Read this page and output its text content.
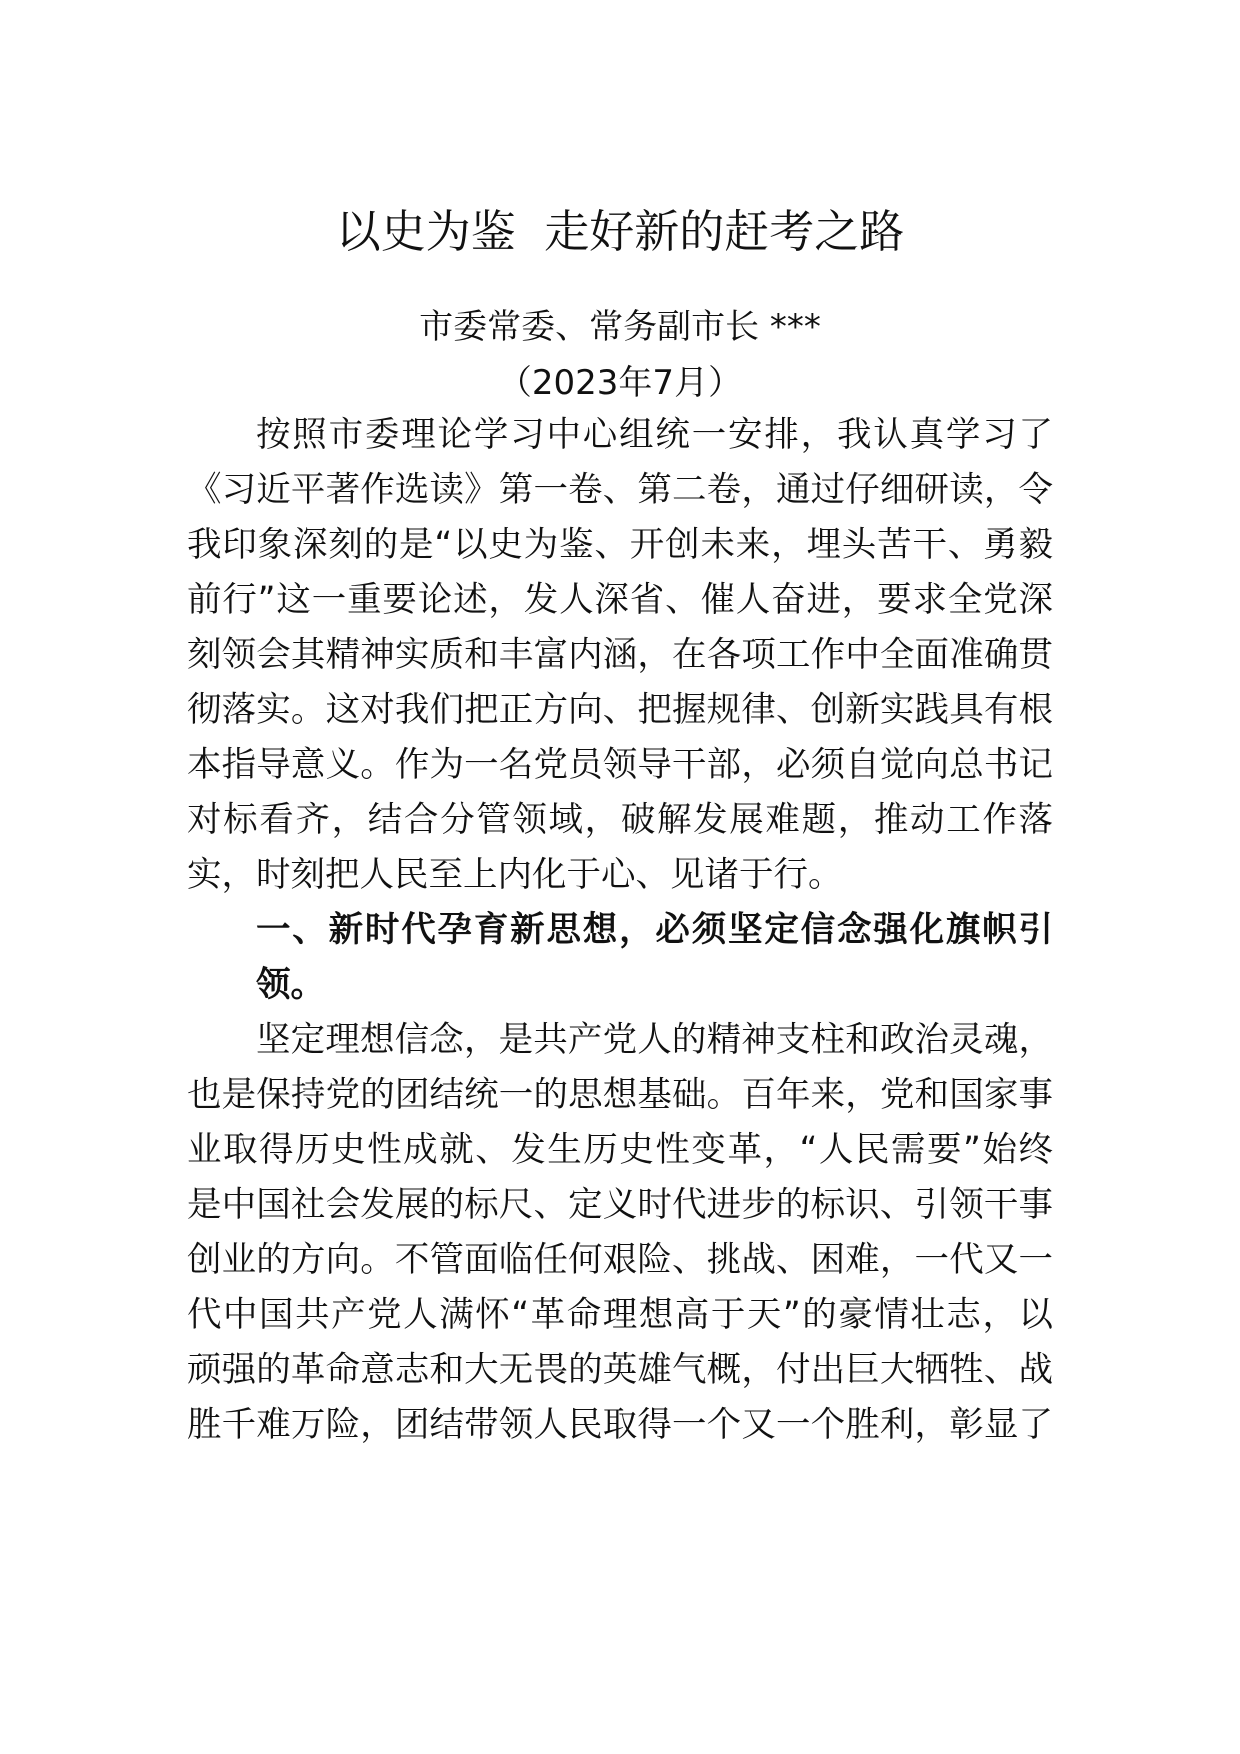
以史为鉴  走好新的赶考之路
市委常委、常务副市长 ***
（2023年7月）
按照市委理论学习中心组统一安排，我认真学习了
《习近平著作选读》第一卷、第二卷，通过仔细研读，令
我印象深刻的是“以史为鉴、开创未来，埋头苦干、勇毅
前行”这一重要论述，发人深省、催人奋进，要求全党深
刻领会其精神实质和丰富内涵，在各项工作中全面准确贯
彻落实。这对我们把正方向、把握规律、创新实践具有根
本指导意义。作为一名党员领导干部，必须自觉向总书记
对标看齐，结合分管领域，破解发展难题，推动工作落
实，时刻把人民至上内化于心、见诸于行。
一、新时代孕育新思想，必须坚定信念强化旗帜引
领。
坚定理想信念，是共产党人的精神支柱和政治灵魂，
也是保持党的团结统一的思想基础。百年来，党和国家事
业取得历史性成就、发生历史性变革，“人民需要”始终
是中国社会发展的标尺、定义时代进步的标识、引领干事
创业的方向。不管面临任何艰险、挑战、困难，一代又一
代中国共产党人满怀“革命理想高于天”的豪情壮志，以
顽强的革命意志和大无畏的英雄气概，付出巨大牺牲、战
胜千难万险，团结带领人民取得一个又一个胜利，彰显了
